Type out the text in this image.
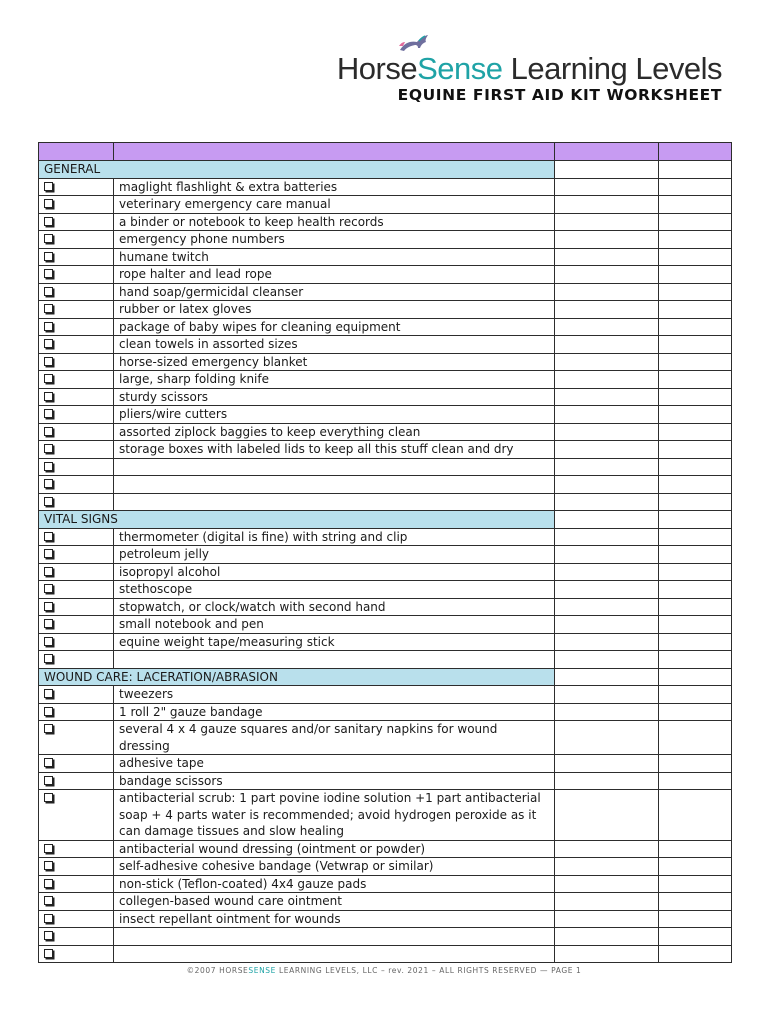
HorseSense Learning Levels
EQUINE FIRST AID KIT WORKSHEET

GENERAL			
	maglight flashlight & extra batteries		
	veterinary emergency care manual		
	a binder or notebook to keep health records		
	emergency phone numbers		
	humane twitch		
	rope halter and lead rope		
	hand soap/germicidal cleanser		
	rubber or latex gloves		
	package of baby wipes for cleaning equipment		
	clean towels in assorted sizes		
	horse-sized emergency blanket		
	large, sharp folding knife		
	sturdy scissors		
	pliers/wire cutters		
	assorted ziplock baggies to keep everything clean		
	storage boxes with labeled lids to keep all this stuff clean and dry		

VITAL SIGNS			
	thermometer (digital is fine) with string and clip		
	petroleum jelly		
	isopropyl alcohol		
	stethoscope		
	stopwatch, or clock/watch with second hand		
	small notebook and pen		
	equine weight tape/measuring stick		

WOUND CARE: LACERATION/ABRASION			
	tweezers		
	1 roll 2" gauze bandage		
	several 4 x 4 gauze squares and/or sanitary napkins for wound dressing		
	adhesive tape		
	bandage scissors		
	antibacterial scrub: 1 part povine iodine solution +1 part antibacterial soap + 4 parts water is recommended; avoid hydrogen peroxide as it can damage tissues and slow healing		
	antibacterial wound dressing (ointment or powder)		
	self-adhesive cohesive bandage (Vetwrap or similar)		
	non-stick (Teflon-coated) 4x4 gauze pads		
	collegen-based wound care ointment		
	insect repellant ointment for wounds		

©2007 HORSESENSE LEARNING LEVELS, LLC – rev. 2021 – ALL RIGHTS RESERVED — PAGE 1
